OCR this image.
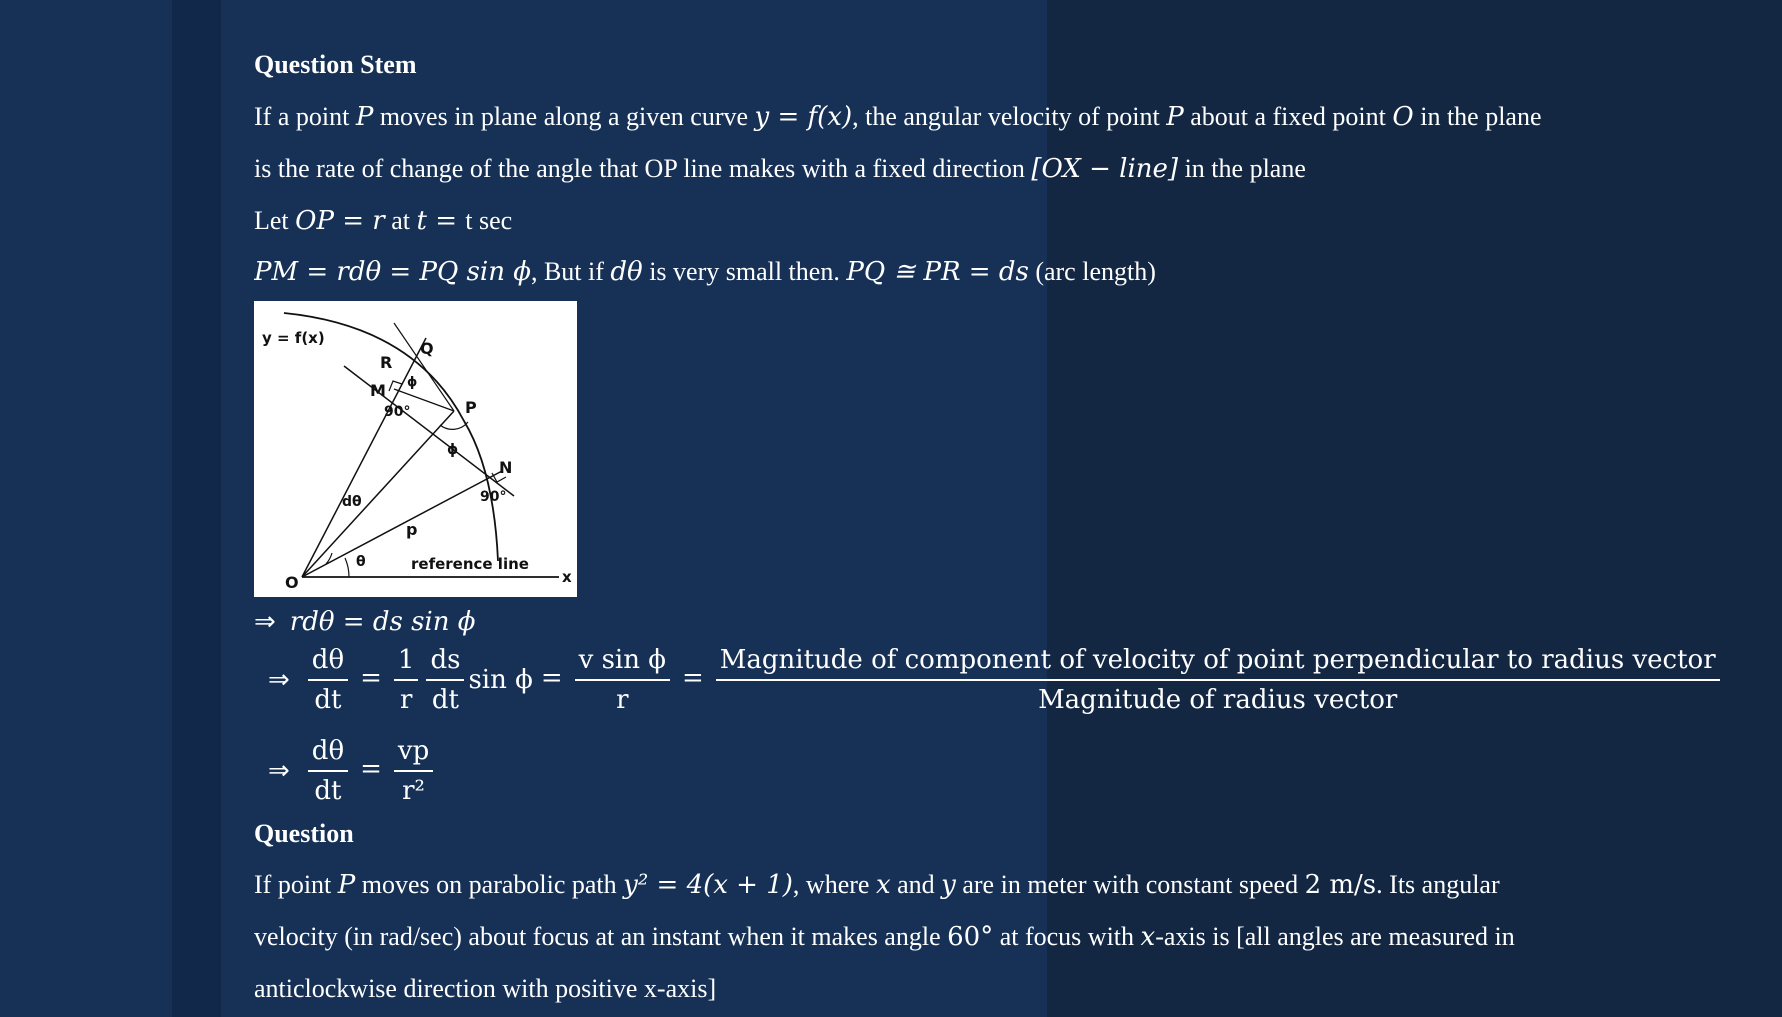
Question Stem
If a point P moves in plane along a given curve y = f(x), the angular velocity of point P about a fixed point O in the plane
is the rate of change of the angle that OP line makes with a fixed direction [OX − line] in the plane
Let OP = r at t = t sec
PM = rdθ = PQ sin ϕ, But if dθ is very small then. PQ ≅ PR = ds (arc length)
y = f(x)
Q
R
M
90°	P
ϕ
ϕ
N
90°
dθ
p
θ
O
reference line
x
⇒ rdθ = ds sin ϕ
⇒ $\frac{d\theta}{dt} = \frac{1}{r} \frac{ds}{dt}$ $\sin \phi = \frac{\text{v sin ϕ}}{r}$ =
Magnitude of component of velocity of point perpendicular to radius vector
Magnitude of radius vector
⇒ $\frac{d\theta}{dt} = \frac{vp}{\text{r²}}$
Question
If point P moves on parabolic path y² = 4(x + 1), where x and y are in meter with constant speed 2 m/s. Its angular
velocity (in rad/sec) about focus at an instant when it makes angle 60° at focus with x-axis is [all angles are measured in
anticlockwise direction with positive x-axis]
